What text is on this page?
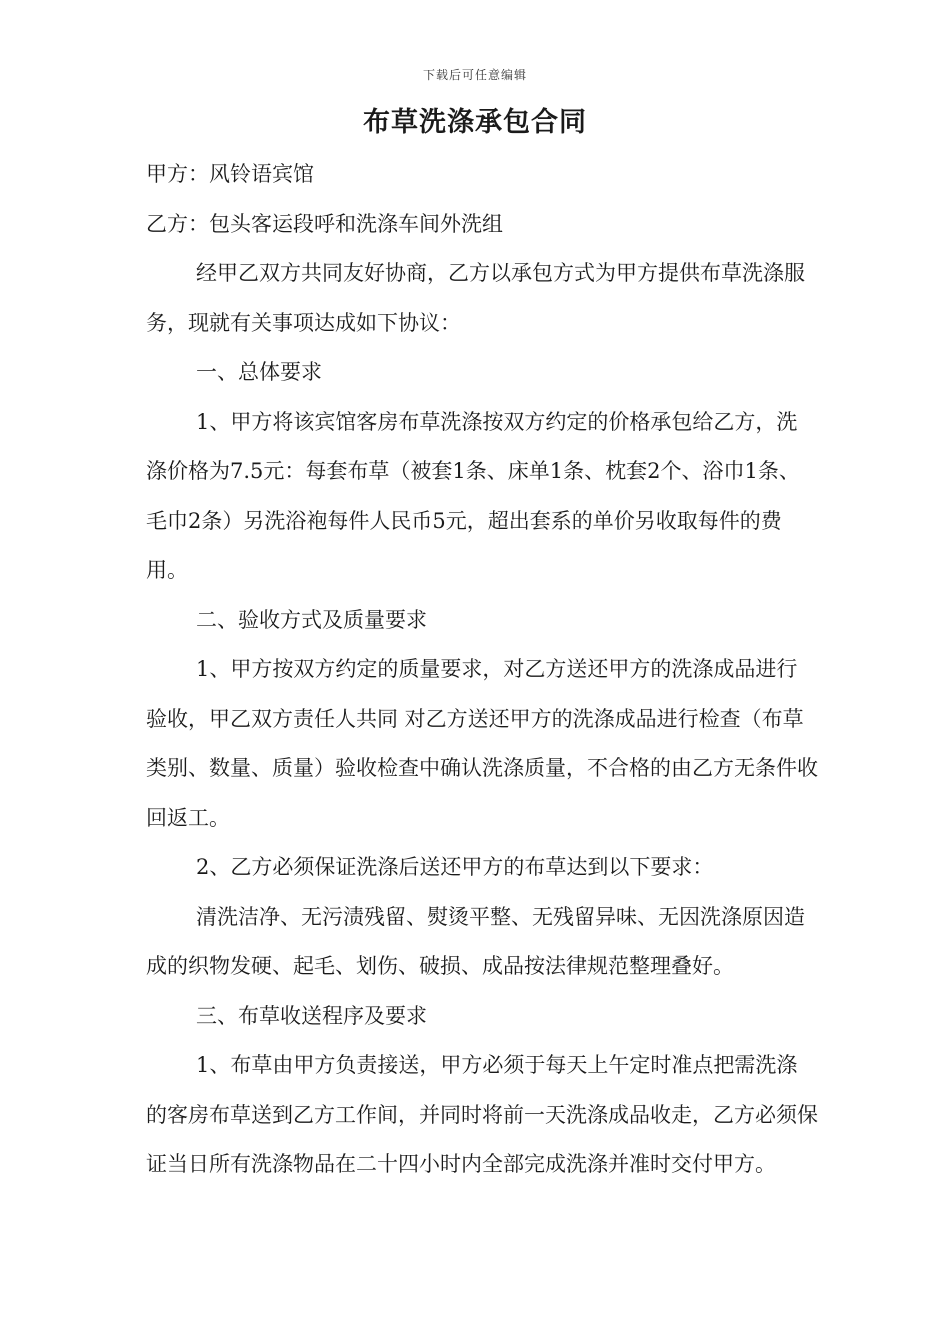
下载后可任意编辑
布草洗涤承包合同

甲方：风铃语宾馆

乙方：包头客运段呼和洗涤车间外洗组

经甲乙双方共同友好协商，乙方以承包方式为甲方提供布草洗涤服务，现就有关事项达成如下协议：

一、总体要求

1、甲方将该宾馆客房布草洗涤按双方约定的价格承包给乙方，洗涤价格为7.5元：每套布草（被套1条、床单1条、枕套2个、浴巾1条、毛巾2条）另洗浴袍每件人民币5元，超出套系的单价另收取每件的费用。

二、验收方式及质量要求

1、甲方按双方约定的质量要求，对乙方送还甲方的洗涤成品进行验收，甲乙双方责任人共同 对乙方送还甲方的洗涤成品进行检查（布草类别、数量、质量）验收检查中确认洗涤质量，不合格的由乙方无条件收回返工。

2、乙方必须保证洗涤后送还甲方的布草达到以下要求：

清洗洁净、无污渍残留、熨烫平整、无残留异味、无因洗涤原因造成的织物发硬、起毛、划伤、破损、成品按法律规范整理叠好。

三、布草收送程序及要求

1、布草由甲方负责接送，甲方必须于每天上午定时准点把需洗涤的客房布草送到乙方工作间，并同时将前一天洗涤成品收走，乙方必须保证当日所有洗涤物品在二十四小时内全部完成洗涤并准时交付甲方。
